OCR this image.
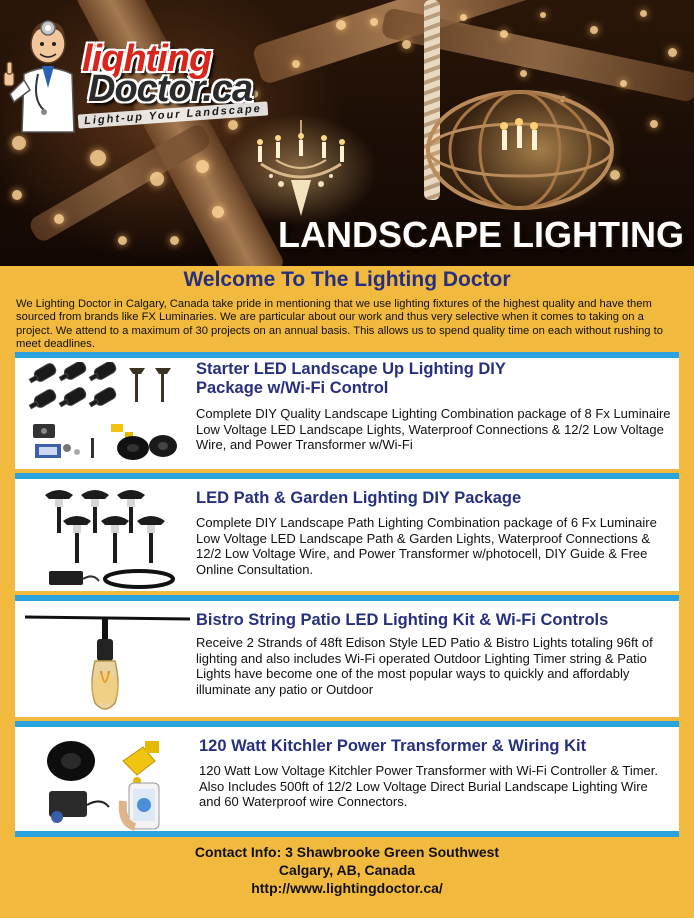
lighting
Doctor.ca
Light-up Your Landscape
LANDSCAPE LIGHTING
Welcome To The Lighting Doctor

We Lighting Doctor in Calgary, Canada take pride in mentioning that we use lighting fixtures of the highest quality and have them sourced from brands like FX Luminaries. We are particular about our work and thus very selective when it comes to taking on a project. We attend to a maximum of 30 projects on an annual basis. This allows us to spend quality time on each without rushing to meet deadlines.

Starter LED Landscape Up Lighting DIY Package w/Wi-Fi Control
Complete DIY Quality Landscape Lighting Combination package of 8 Fx Luminaire Low Voltage LED Landscape Lights, Waterproof Connections & 12/2 Low Voltage Wire, and Power Transformer w/Wi-Fi
LED Path & Garden Lighting DIY Package
Complete DIY Landscape Path Lighting Combination package of 6 Fx Luminaire Low Voltage LED Landscape Path & Garden Lights, Waterproof Connections & 12/2 Low Voltage Wire, and Power Transformer w/photocell, DIY Guide & Free Online Consultation.
Bistro String Patio LED Lighting Kit & Wi-Fi Controls
Receive 2 Strands of 48ft Edison Style LED Patio & Bistro Lights totaling 96ft of lighting and also includes Wi-Fi operated Outdoor Lighting Timer string & Patio Lights have become one of the most popular ways to quickly and affordably illuminate any patio or Outdoor
120 Watt Kitchler Power Transformer & Wiring Kit
120 Watt Low Voltage Kitchler Power Transformer with Wi-Fi Controller & Timer. Also Includes 500ft of 12/2 Low Voltage Direct Burial Landscape Lighting Wire and 60 Waterproof wire Connectors.
Contact Info: 3 Shawbrooke Green Southwest
Calgary, AB, Canada
http://www.lightingdoctor.ca/
